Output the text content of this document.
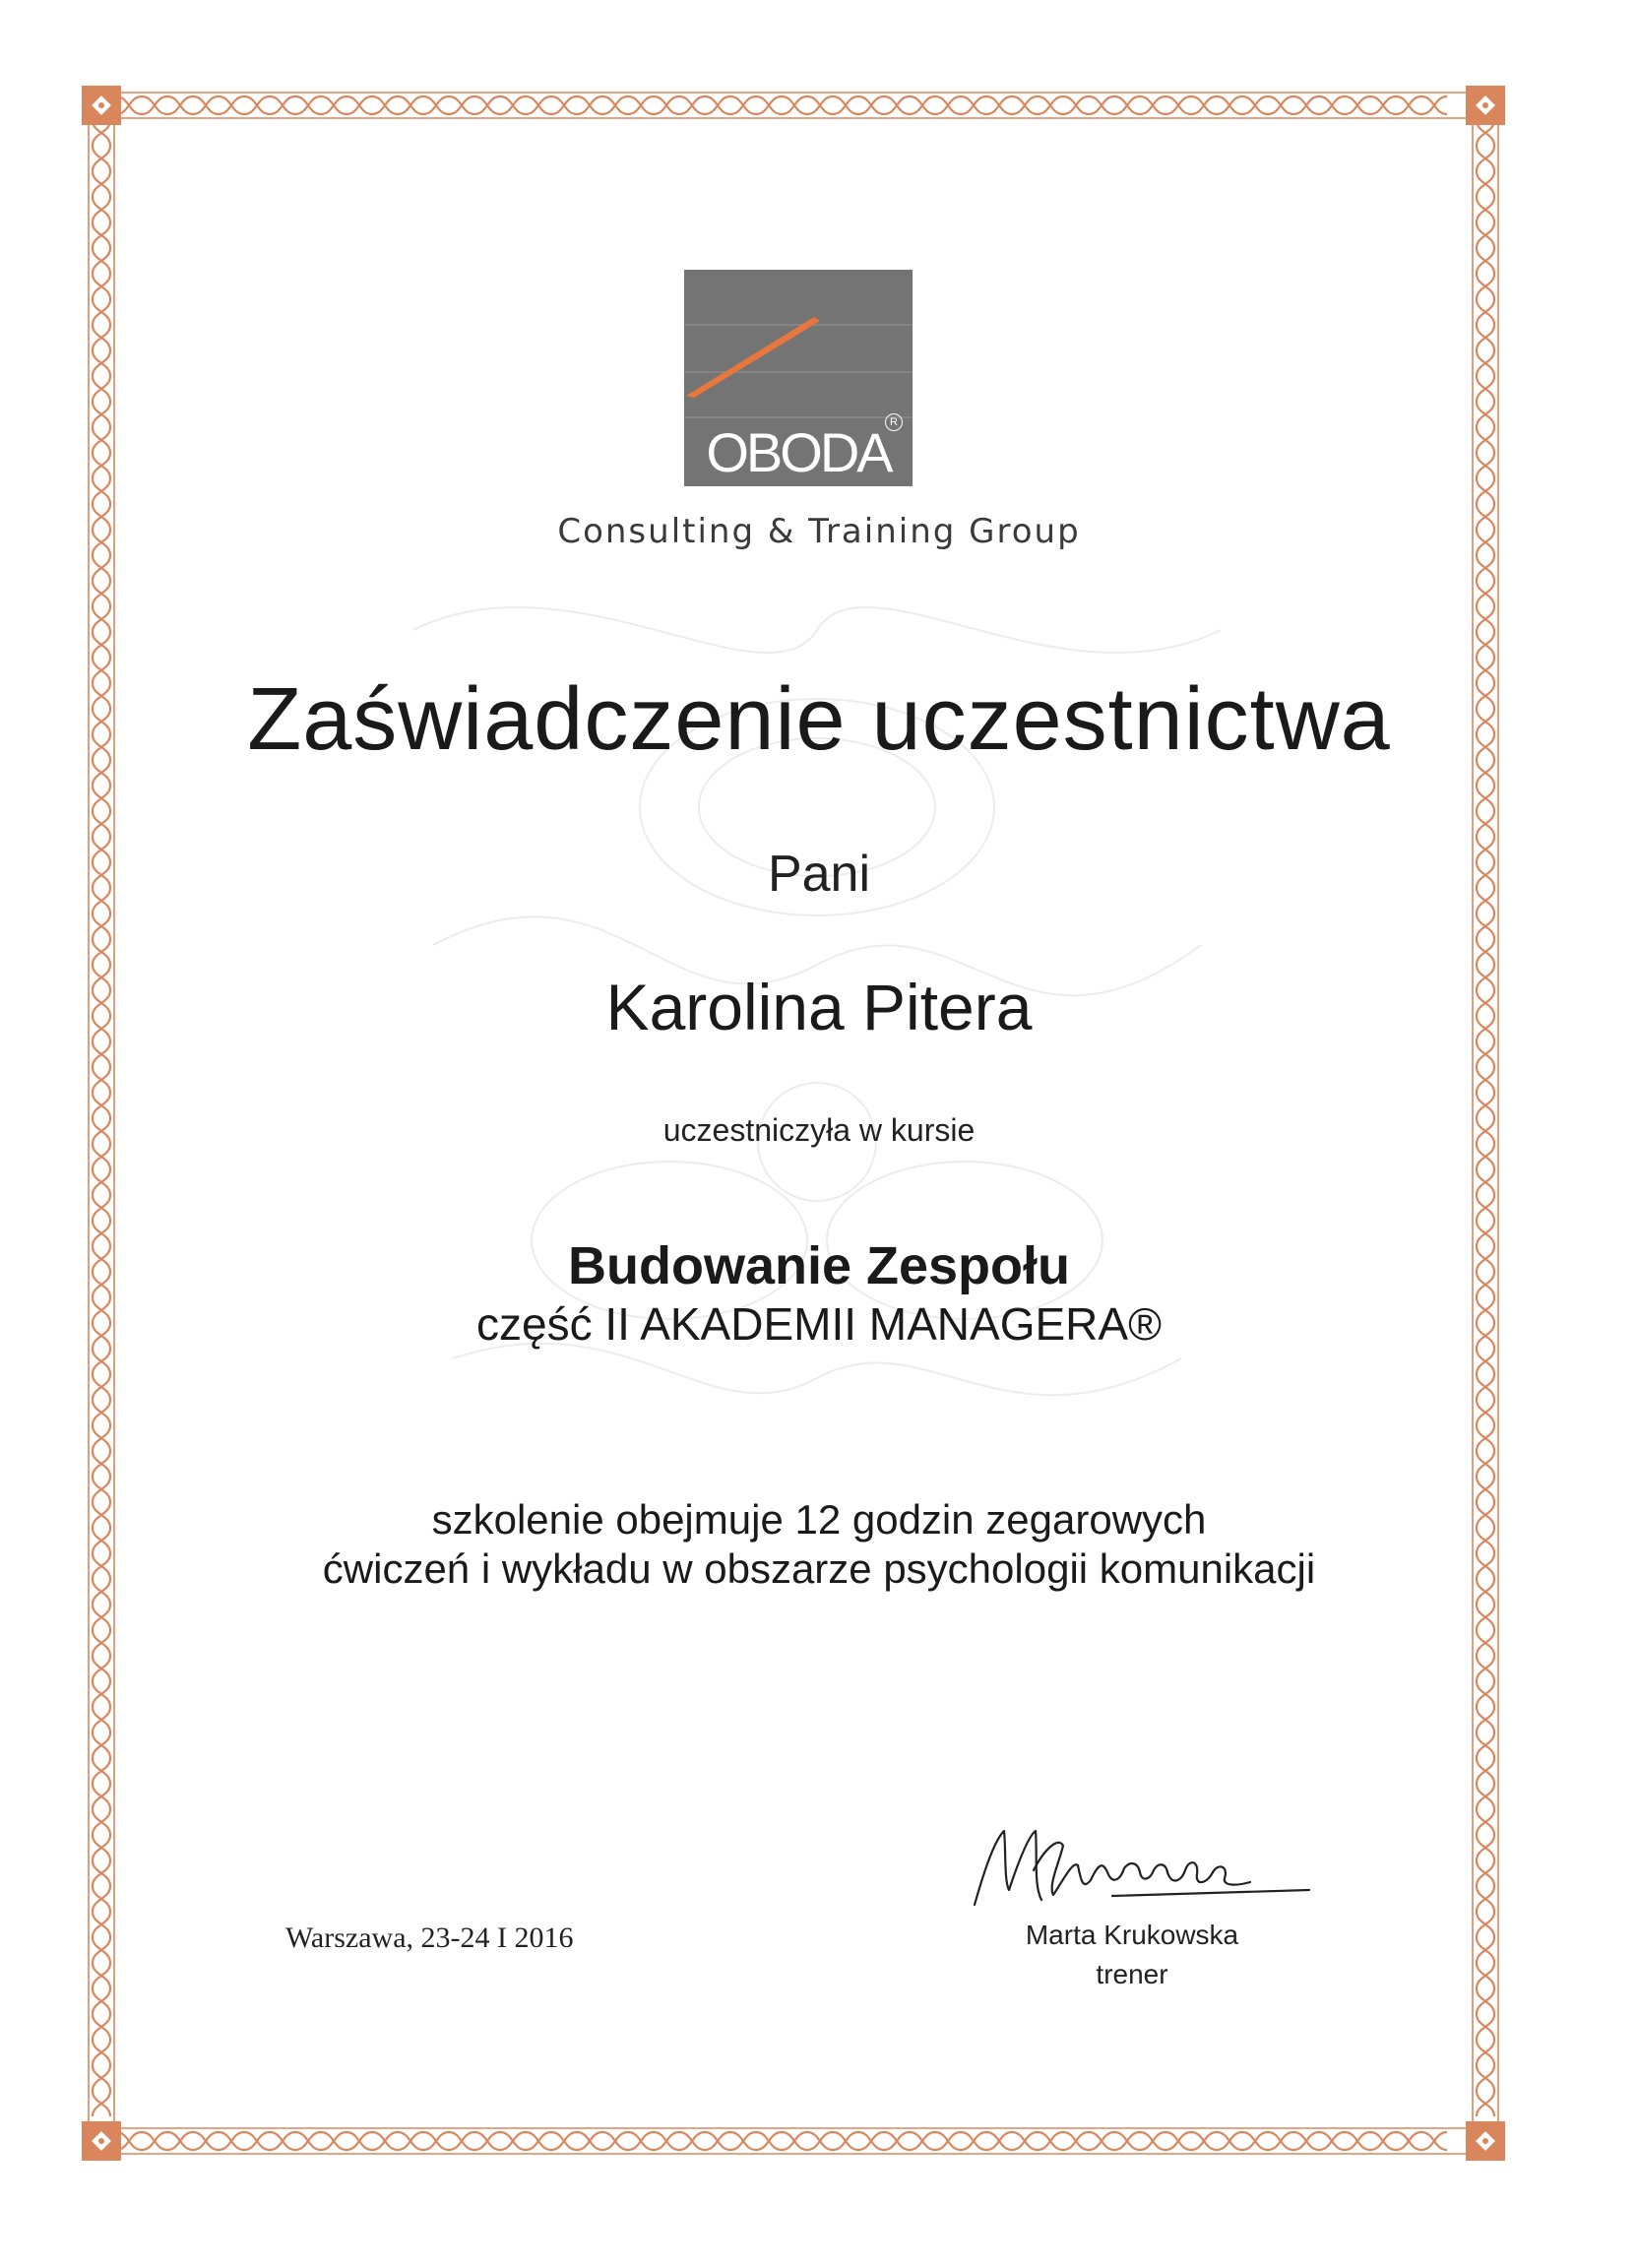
R
OBODA
Consulting & Training Group
Zaświadczenie uczestnictwa
Pani
Karolina Pitera
uczestniczyła w kursie
Budowanie Zespołu
część II AKADEMII MANAGERA®
szkolenie obejmuje 12 godzin zegarowych
ćwiczeń i wykładu w obszarze psychologii komunikacji
Warszawa, 23-24 I 2016	Marta Krukowska
trener
